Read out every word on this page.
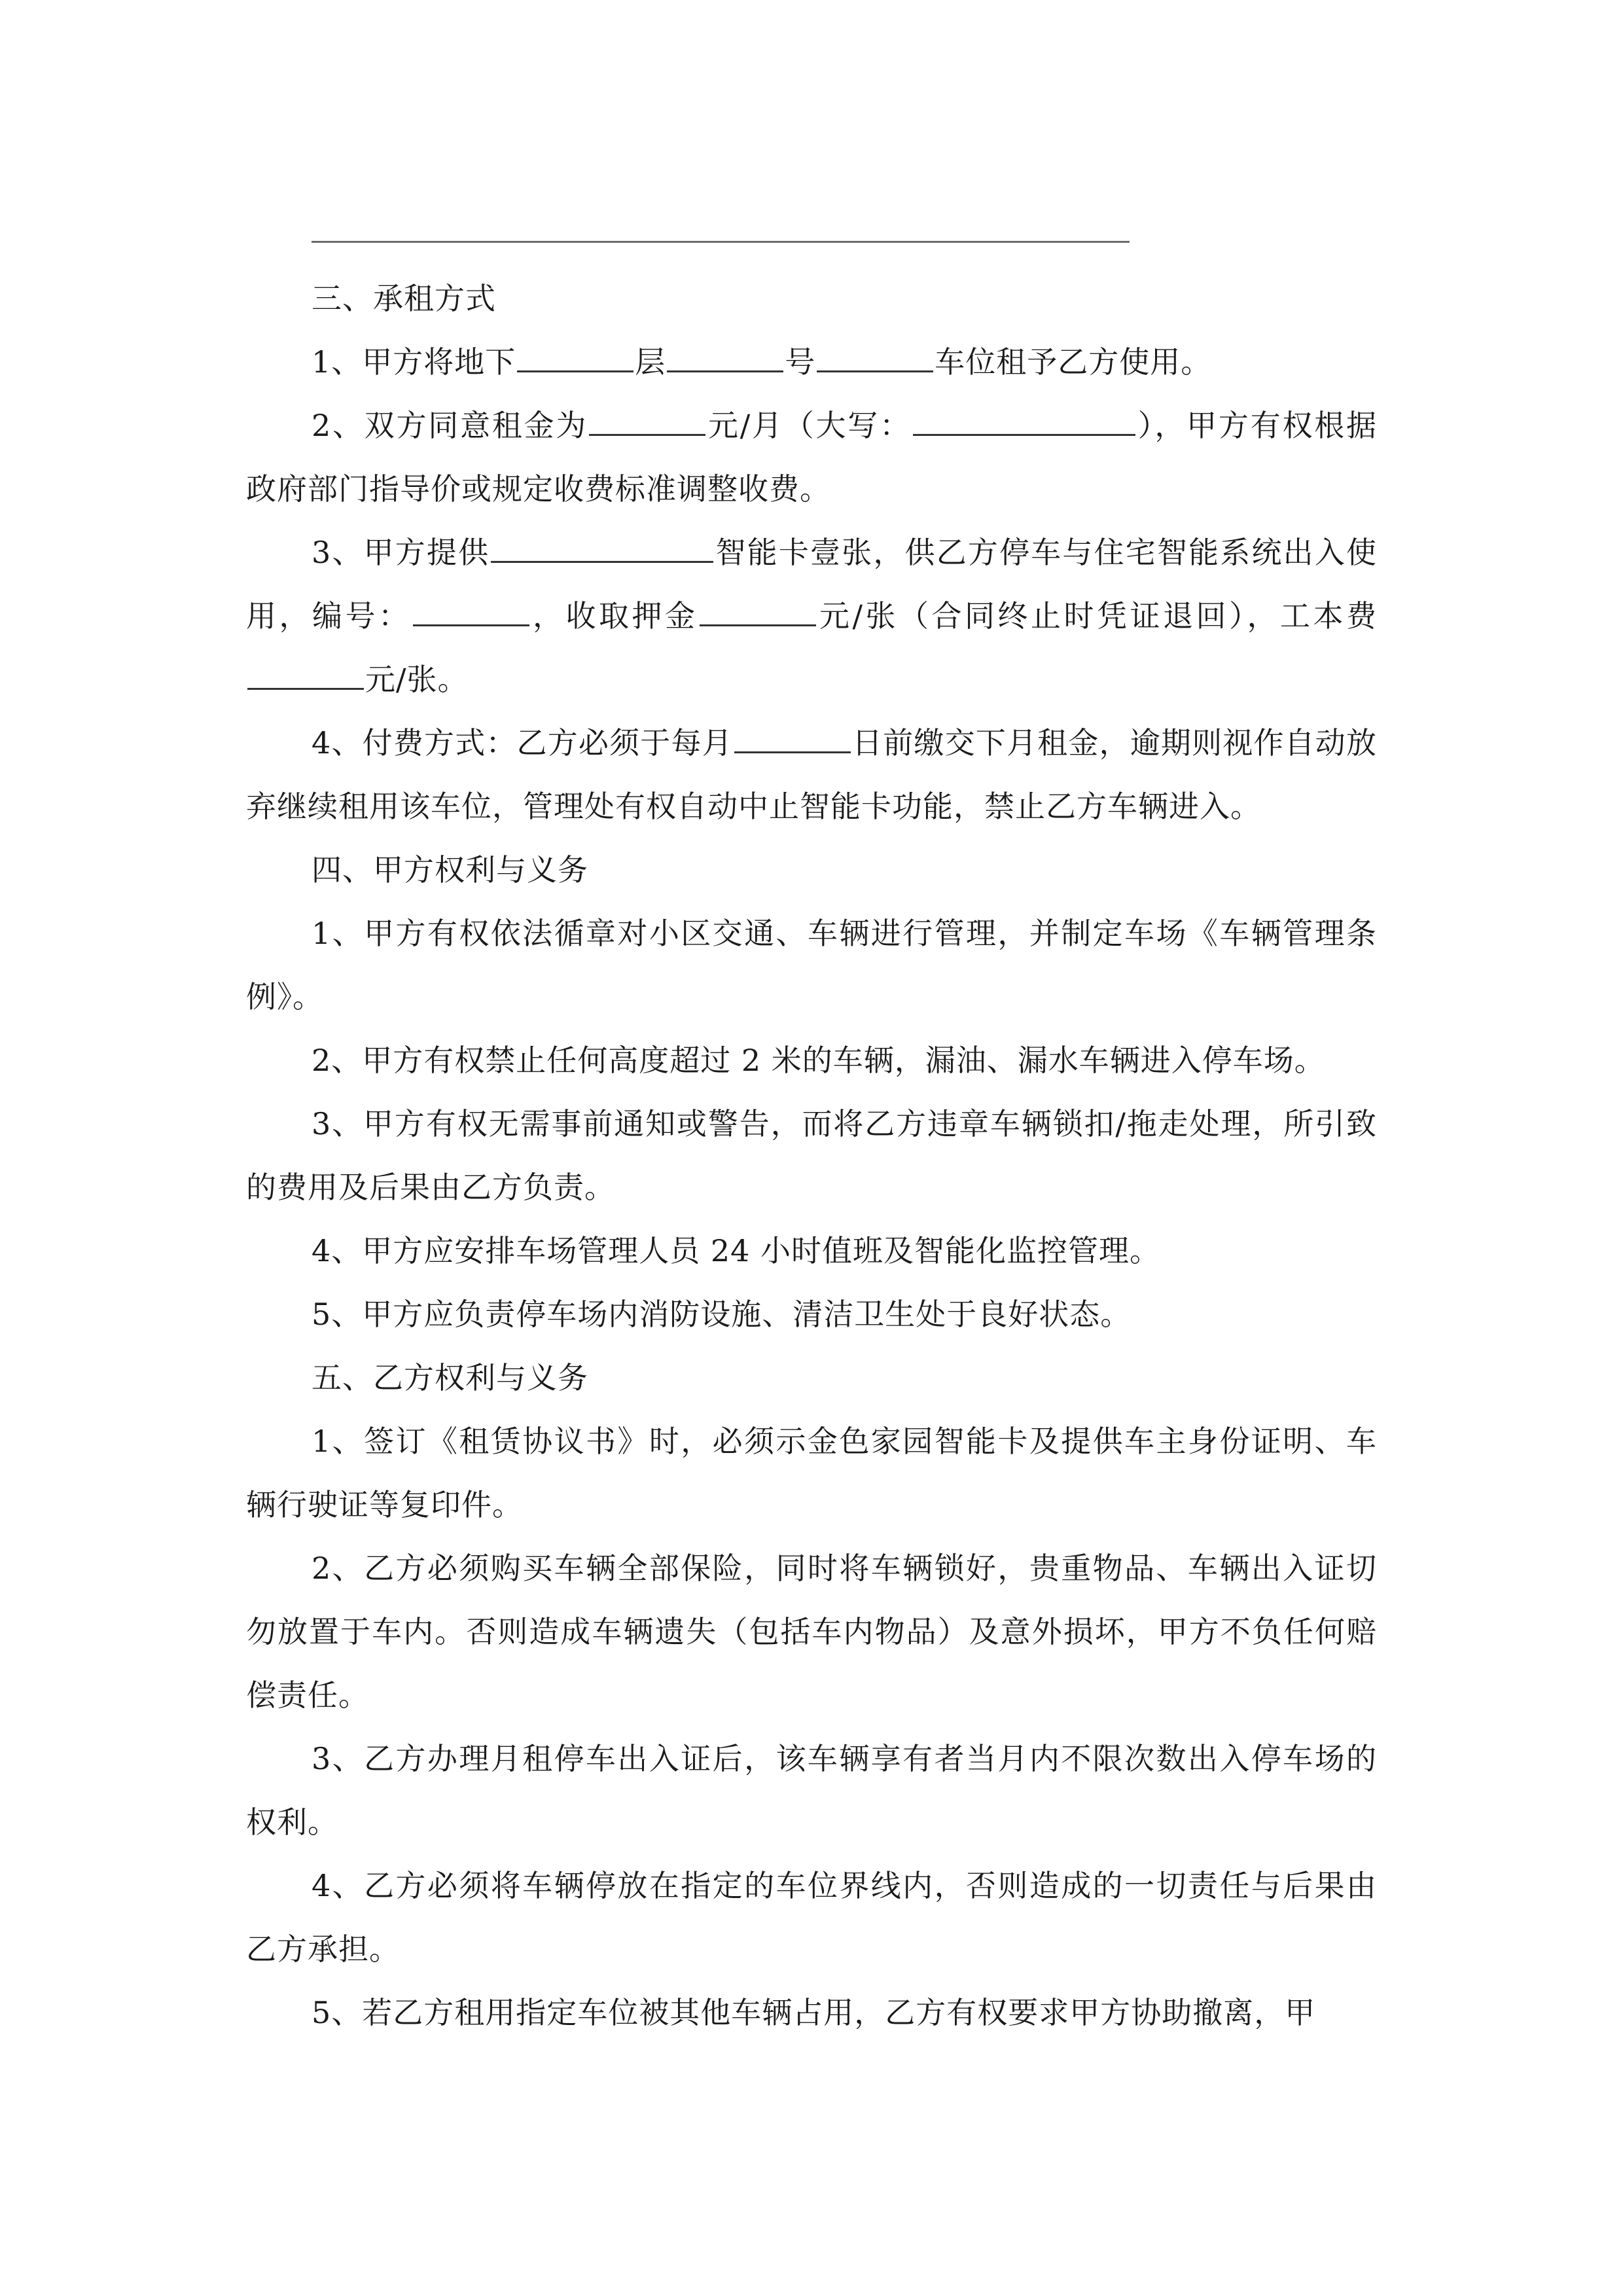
三、承租方式

1、甲方将地下	层	号	车位租予乙方使用。

2、双方同意租金为	元/月（大写：	），甲方有权根据政府部门指导价或规定收费标准调整收费。

3、甲方提供	智能卡壹张，供乙方停车与住宅智能系统出入使用，编号：	，收取押金	元/张（合同终止时凭证退回），工本费元/张。

4、付费方式：乙方必须于每月	日前缴交下月租金，逾期则视作自动放弃继续租用该车位，管理处有权自动中止智能卡功能，禁止乙方车辆进入。

四、甲方权利与义务

1、甲方有权依法循章对小区交通、车辆进行管理，并制定车场《车辆管理条例》。

2、甲方有权禁止任何高度超过 2 米的车辆，漏油、漏水车辆进入停车场。

3、甲方有权无需事前通知或警告，而将乙方违章车辆锁扣/拖走处理，所引致的费用及后果由乙方负责。

4、甲方应安排车场管理人员 24 小时值班及智能化监控管理。

5、甲方应负责停车场内消防设施、清洁卫生处于良好状态。

五、乙方权利与义务

1、签订《租赁协议书》时，必须示金色家园智能卡及提供车主身份证明、车辆行驶证等复印件。

2、乙方必须购买车辆全部保险，同时将车辆锁好，贵重物品、车辆出入证切勿放置于车内。否则造成车辆遗失（包括车内物品）及意外损坏，甲方不负任何赔偿责任。

3、乙方办理月租停车出入证后，该车辆享有者当月内不限次数出入停车场的权利。

4、乙方必须将车辆停放在指定的车位界线内，否则造成的一切责任与后果由乙方承担。

5、若乙方租用指定车位被其他车辆占用，乙方有权要求甲方协助撤离，甲
